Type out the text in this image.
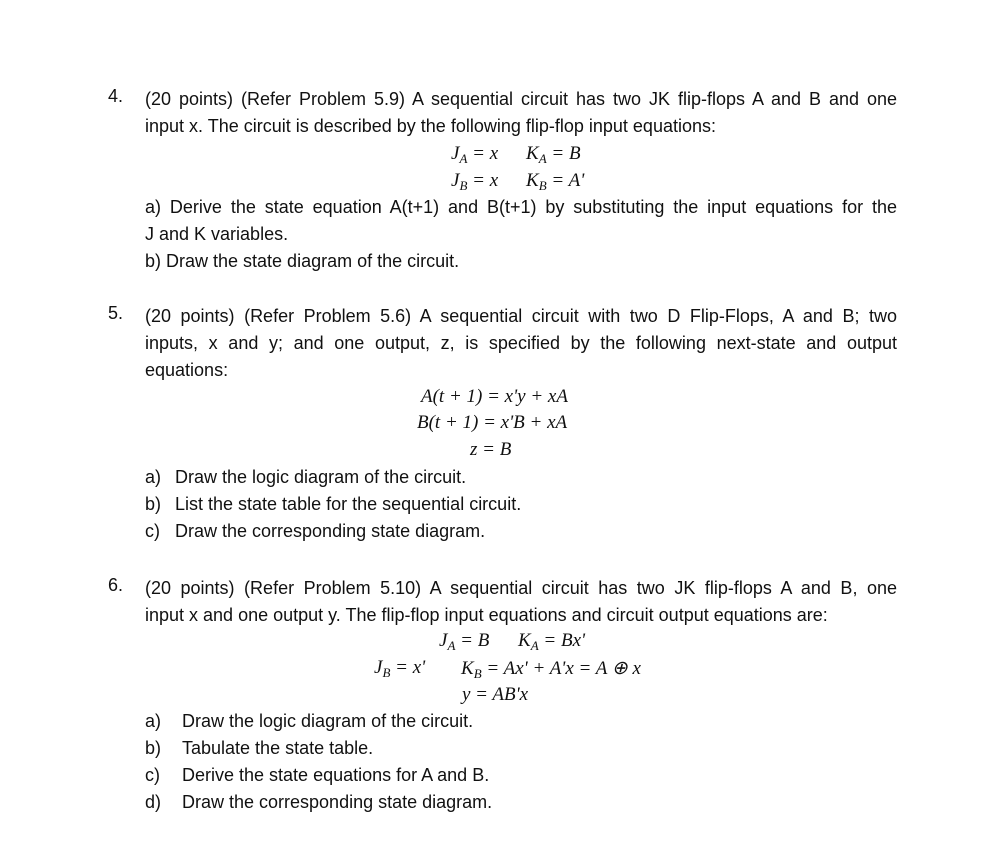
4. (20 points) (Refer Problem 5.9) A sequential circuit has two JK flip-flops A and B and one
input x. The circuit is described by the following flip-flop input equations:
$J_A = x$ $K_A = B$
$J_B = x$ $K_B = A'$
a) Derive the state equation A(t+1) and B(t+1) by substituting the input equations for the
J and K variables.
b) Draw the state diagram of the circuit.
5. (20 points) (Refer Problem 5.6) A sequential circuit with two D Flip-Flops, A and B; two
inputs, x and y; and one output, z, is specified by the following next-state and output
equations:
A(t + 1) = x'y + xA
B(t + 1) = x'B + xA
z = B
a) Draw the logic diagram of the circuit.
b) List the state table for the sequential circuit.
c) Draw the corresponding state diagram.
6. (20 points) (Refer Problem 5.10) A sequential circuit has two JK flip-flops A and B, one
input x and one output y. The flip-flop input equations and circuit output equations are:
$J_A = B$ $K_A = Bx'$
$J_B = x'$ $K_B = Ax' + A'x = A$ ⊕ x
y = AB'x
a) Draw the logic diagram of the circuit.
b) Tabulate the state table.
c) Derive the state equations for A and B.
d) Draw the corresponding state diagram.
